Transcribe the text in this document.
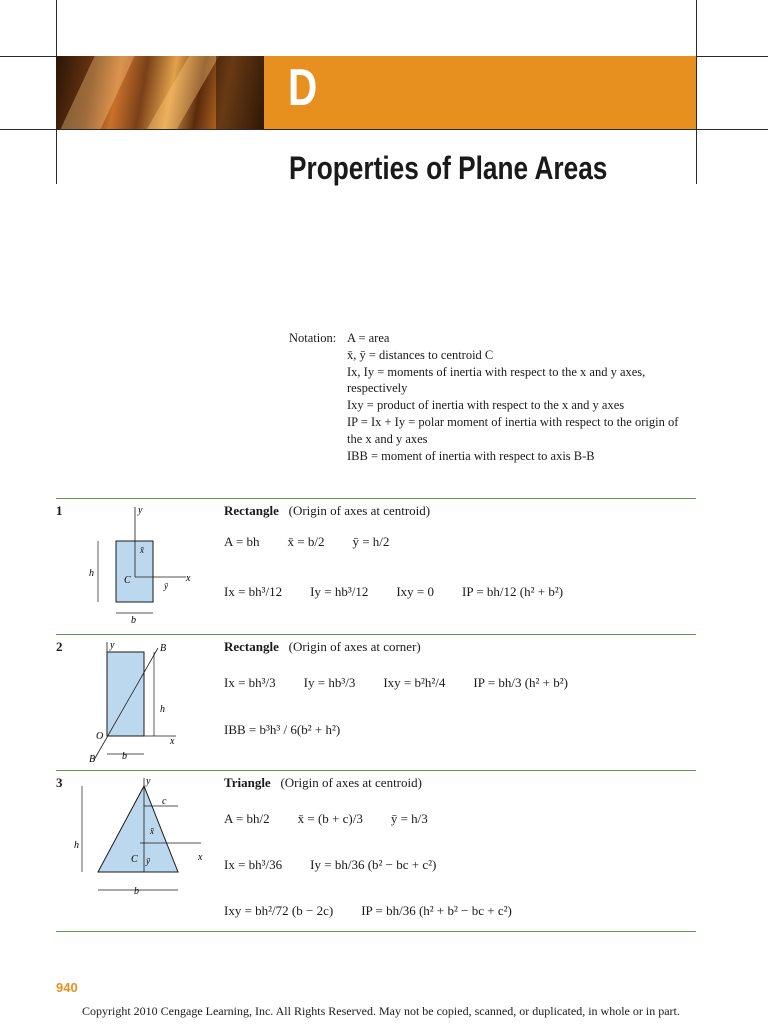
D
Properties of Plane Areas
Notation: A = area
x̄, ȳ = distances to centroid C
Ix, Iy = moments of inertia with respect to the x and y axes,
respectively
Ixy = product of inertia with respect to the x and y axes
IP = Ix + Iy = polar moment of inertia with respect to the origin of
the x and y axes
IBB = moment of inertia with respect to axis B-B
1	Rectangle (Origin of axes at centroid)
A = bh x̄ = b/2 ȳ = h/2
Ix = bh³/12 Iy = hb³/12 Ixy = 0 IP = bh/12 (h² + b²)
y
x
h
C
x̄
ȳ
b
2	Rectangle (Origin of axes at corner)
Ix = bh³/3 Iy = hb³/3 Ixy = b²h²/4 IP = bh/3 (h² + b²)
IBB = b³h³ / 6(b² + h²)
y	B
x
h
O
B	b
3	Triangle (Origin of axes at centroid)
A = bh/2 x̄ = (b + c)/3 ȳ = h/3
Ix = bh³/36 Iy = bh/36 (b² − bc + c²)
Ixy = bh²/72 (b − 2c) IP = bh/36 (h² + b² − bc + c²)
y
x
h
c
C
x̄
ȳ
b
940
Copyright 2010 Cengage Learning, Inc. All Rights Reserved. May not be copied, scanned, or duplicated, in whole or in part.
